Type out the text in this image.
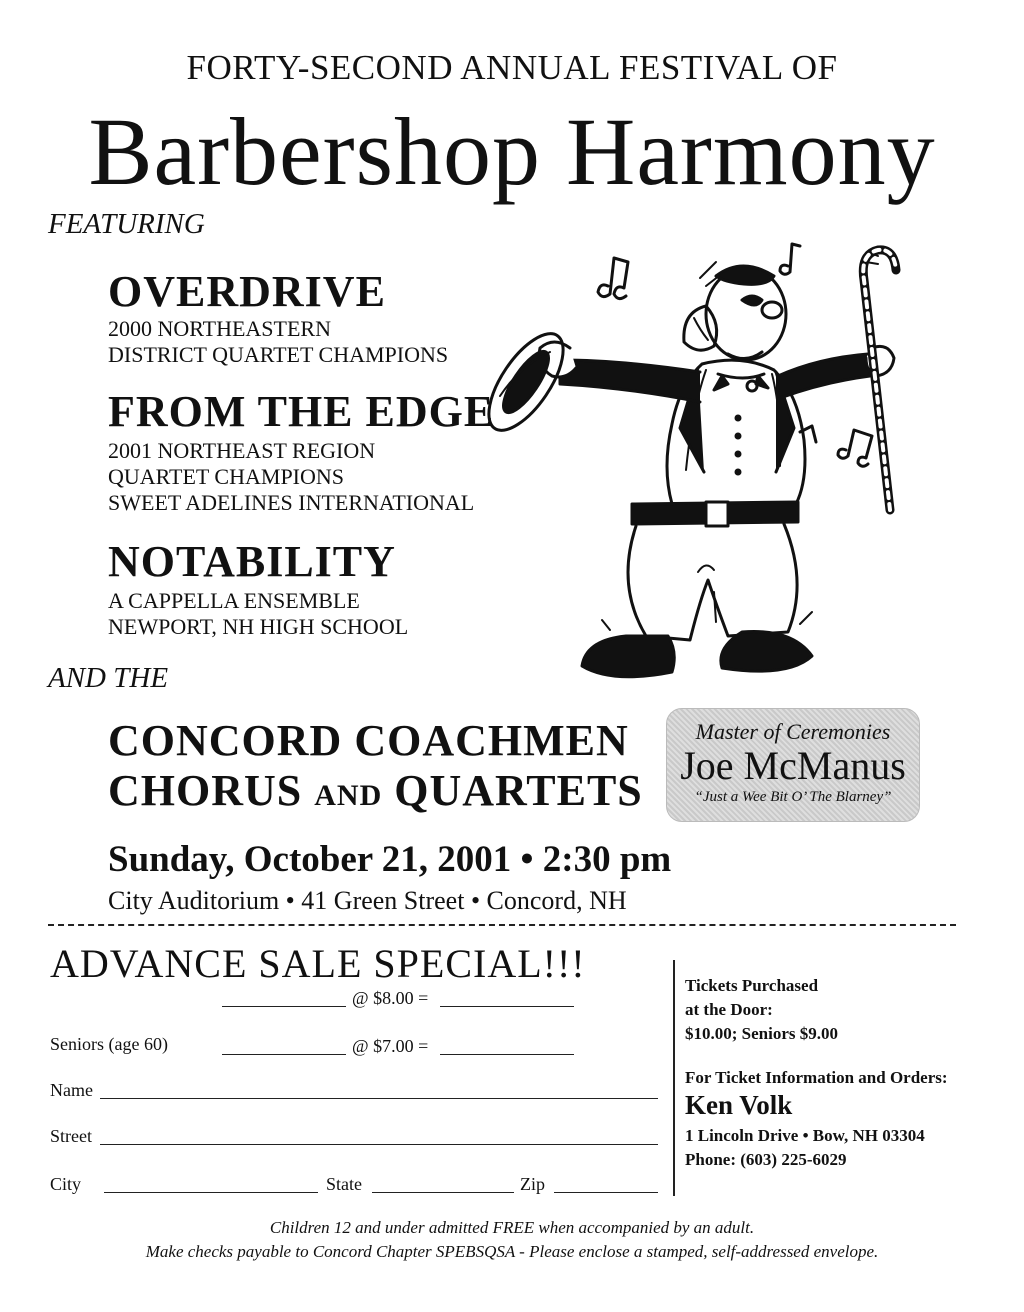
FORTY-SECOND ANNUAL FESTIVAL OF
Barbershop Harmony
FEATURING
OVERDRIVE
2000 NORTHEASTERN
DISTRICT QUARTET CHAMPIONS
FROM THE EDGE
2001 NORTHEAST REGION
QUARTET CHAMPIONS
SWEET ADELINES INTERNATIONAL
NOTABILITY
A CAPPELLA ENSEMBLE
NEWPORT, NH HIGH SCHOOL
AND THE
CONCORD COACHMEN
CHORUS AND QUARTETS
Master of Ceremonies
Joe McManus
“Just a Wee Bit O’ The Blarney”
Sunday, October 21, 2001 • 2:30 pm
City Auditorium • 41 Green Street • Concord, NH
ADVANCE SALE SPECIAL!!!
@ $8.00 =
Seniors (age 60)	@ $7.00 =
Name
Street
City	State	Zip
Tickets Purchased
at the Door:
$10.00; Seniors $9.00
For Ticket Information and Orders:
Ken Volk
1 Lincoln Drive • Bow, NH 03304
Phone: (603) 225-6029
Children 12 and under admitted FREE when accompanied by an adult.
Make checks payable to Concord Chapter SPEBSQSA - Please enclose a stamped, self-addressed envelope.
